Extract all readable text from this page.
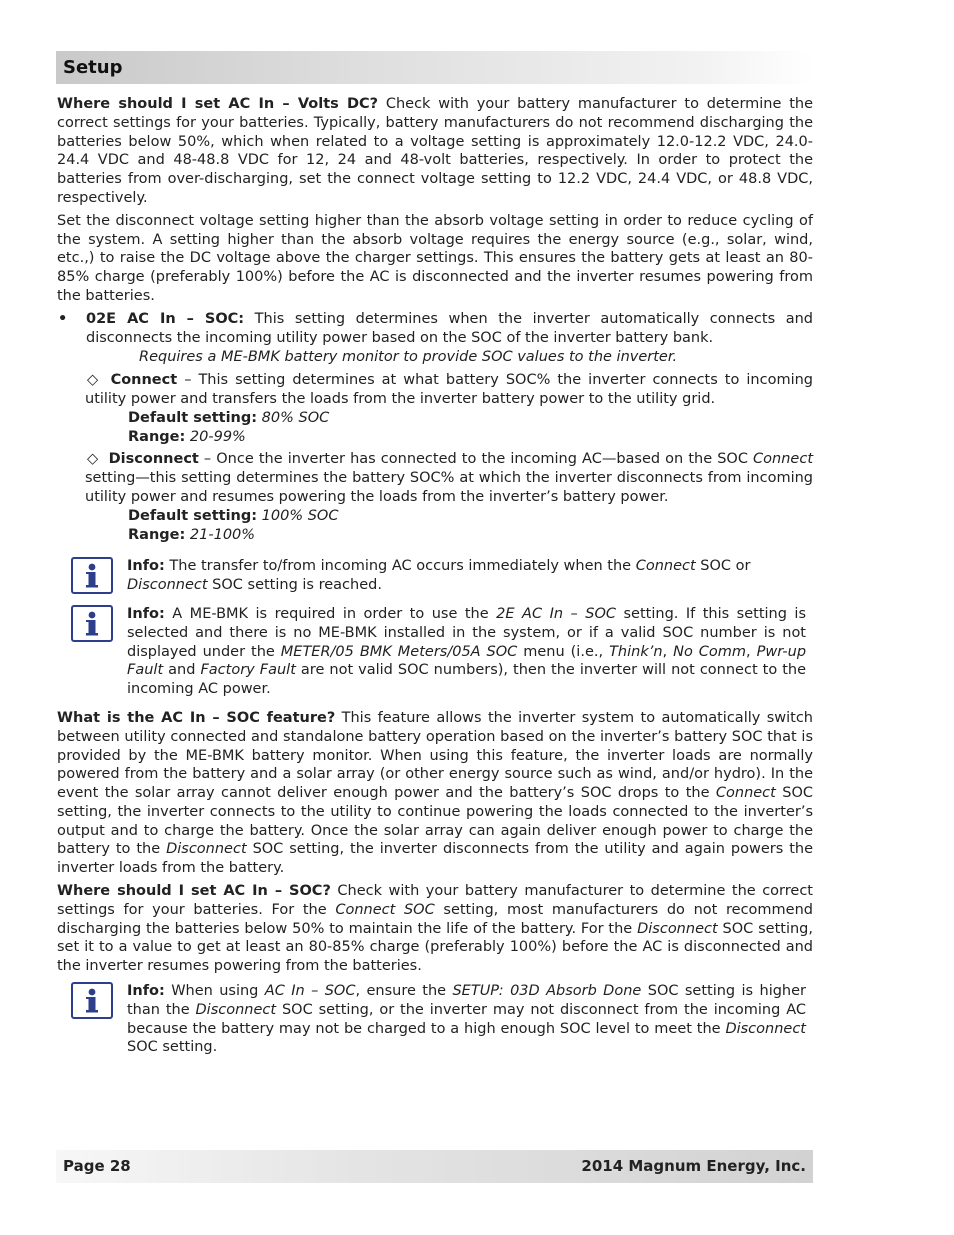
Setup

Where should I set AC In – Volts DC? Check with your battery manufacturer to determine the correct settings for your batteries. Typically, battery manufacturers do not recommend discharging the batteries below 50%, which when related to a voltage setting is approximately 12.0-12.2 VDC, 24.0-24.4 VDC and 48-48.8 VDC for 12, 24 and 48-volt batteries, respectively. In order to protect the batteries from over-discharging, set the connect voltage setting to 12.2 VDC, 24.4 VDC, or 48.8 VDC, respectively.

Set the disconnect voltage setting higher than the absorb voltage setting in order to reduce cycling of the system. A setting higher than the absorb voltage requires the energy source (e.g., solar, wind, etc.,) to raise the DC voltage above the charger settings. This ensures the battery gets at least an 80-85% charge (preferably 100%) before the AC is disconnected and the inverter resumes powering from the batteries.

•	02E AC In – SOC: This setting determines when the inverter automatically connects and disconnects the incoming utility power based on the SOC of the inverter battery bank.

Requires a ME-BMK battery monitor to provide SOC values to the inverter.

◇ Connect – This setting determines at what battery SOC% the inverter connects to incoming utility power and transfers the loads from the inverter battery power to the utility grid.

Default setting: 80% SOC

Range: 20-99%

◇ Disconnect – Once the inverter has connected to the incoming AC—based on the SOC Connect setting—this setting determines the battery SOC% at which the inverter disconnects from incoming utility power and resumes powering the loads from the inverter’s battery power.

Default setting: 100% SOC

Range: 21-100%

Info: The transfer to/from incoming AC occurs immediately when the Connect SOC or Disconnect SOC setting is reached.

Info: A ME-BMK is required in order to use the 2E AC In – SOC setting. If this setting is selected and there is no ME-BMK installed in the system, or if a valid SOC number is not displayed under the METER/05 BMK Meters/05A SOC menu (i.e., Think’n, No Comm, Pwr-up Fault and Factory Fault are not valid SOC numbers), then the inverter will not connect to the incoming AC power.

What is the AC In – SOC feature? This feature allows the inverter system to automatically switch between utility connected and standalone battery operation based on the inverter’s battery SOC that is provided by the ME-BMK battery monitor. When using this feature, the inverter loads are normally powered from the battery and a solar array (or other energy source such as wind, and/or hydro). In the event the solar array cannot deliver enough power and the battery’s SOC drops to the Connect SOC setting, the inverter connects to the utility to continue powering the loads connected to the inverter’s output and to charge the battery. Once the solar array can again deliver enough power to charge the battery to the Disconnect SOC setting, the inverter disconnects from the utility and again powers the inverter loads from the battery.

Where should I set AC In – SOC? Check with your battery manufacturer to determine the correct settings for your batteries. For the Connect SOC setting, most manufacturers do not recommend discharging the batteries below 50% to maintain the life of the battery. For the Disconnect SOC setting, set it to a value to get at least an 80-85% charge (preferably 100%) before the AC is disconnected and the inverter resumes powering from the batteries.

Info: When using AC In – SOC, ensure the SETUP: 03D Absorb Done SOC setting is higher than the Disconnect SOC setting, or the inverter may not disconnect from the incoming AC because the battery may not be charged to a high enough SOC level to meet the Disconnect SOC setting.

Page 28	2014 Magnum Energy, Inc.
